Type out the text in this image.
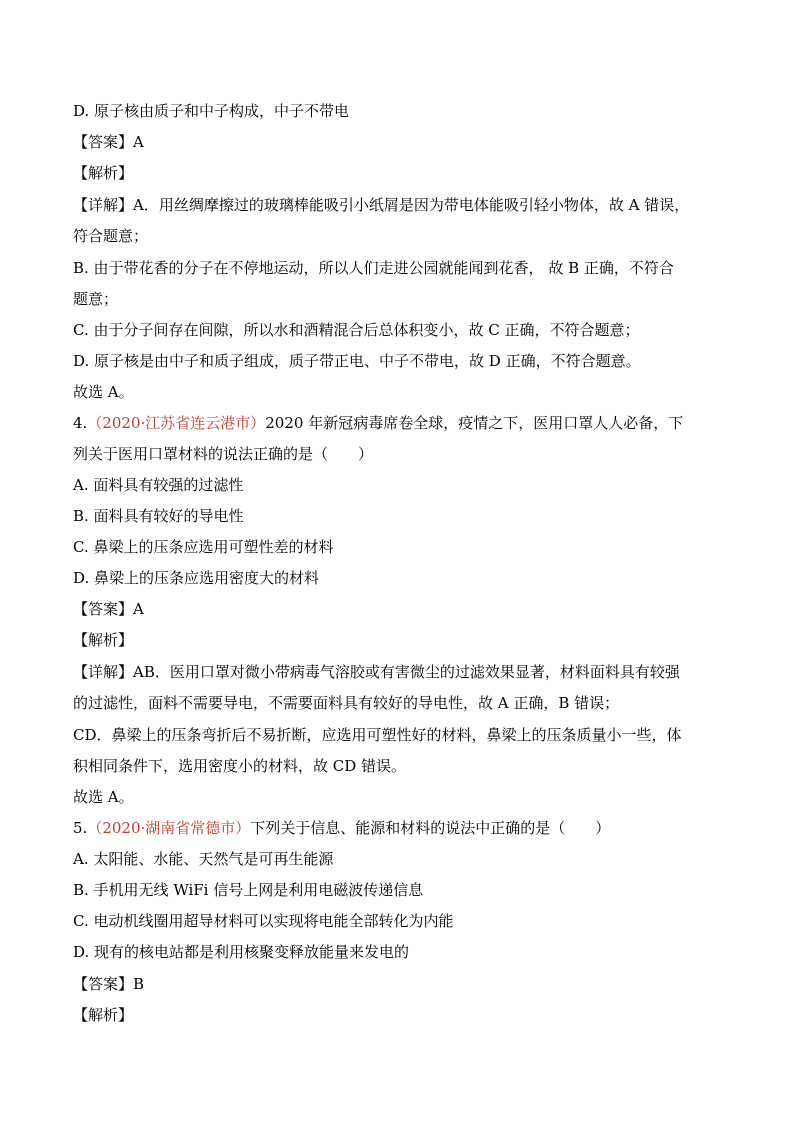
D. 原子核由质子和中子构成，中子不带电
【答案】A
【解析】
【详解】A．用丝绸摩擦过的玻璃棒能吸引小纸屑是因为带电体能吸引轻小物体，故 A 错误，
符合题意；
B. 由于带花香的分子在不停地运动，所以人们走进公园就能闻到花香， 故 B 正确，不符合
题意；
C. 由于分子间存在间隙，所以水和酒精混合后总体积变小，故 C 正确，不符合题意；
D. 原子核是由中子和质子组成，质子带正电、中子不带电，故 D 正确，不符合题意。
故选 A。
4.（2020·江苏省连云港市）2020 年新冠病毒席卷全球，疫情之下，医用口罩人人必备，下
列关于医用口罩材料的说法正确的是（　　）
A. 面料具有较强的过滤性
B. 面料具有较好的导电性
C. 鼻梁上的压条应选用可塑性差的材料
D. 鼻梁上的压条应选用密度大的材料
【答案】A
【解析】
【详解】AB．医用口罩对微小带病毒气溶胶或有害微尘的过滤效果显著，材料面料具有较强
的过滤性，面料不需要导电，不需要面料具有较好的导电性，故 A 正确，B 错误；
CD．鼻梁上的压条弯折后不易折断，应选用可塑性好的材料，鼻梁上的压条质量小一些，体
积相同条件下，选用密度小的材料，故 CD 错误。
故选 A。
5.（2020·湖南省常德市）下列关于信息、能源和材料的说法中正确的是（　　）
A. 太阳能、水能、天然气是可再生能源
B. 手机用无线 WiFi 信号上网是利用电磁波传递信息
C. 电动机线圈用超导材料可以实现将电能全部转化为内能
D. 现有的核电站都是利用核聚变释放能量来发电的
【答案】B
【解析】
